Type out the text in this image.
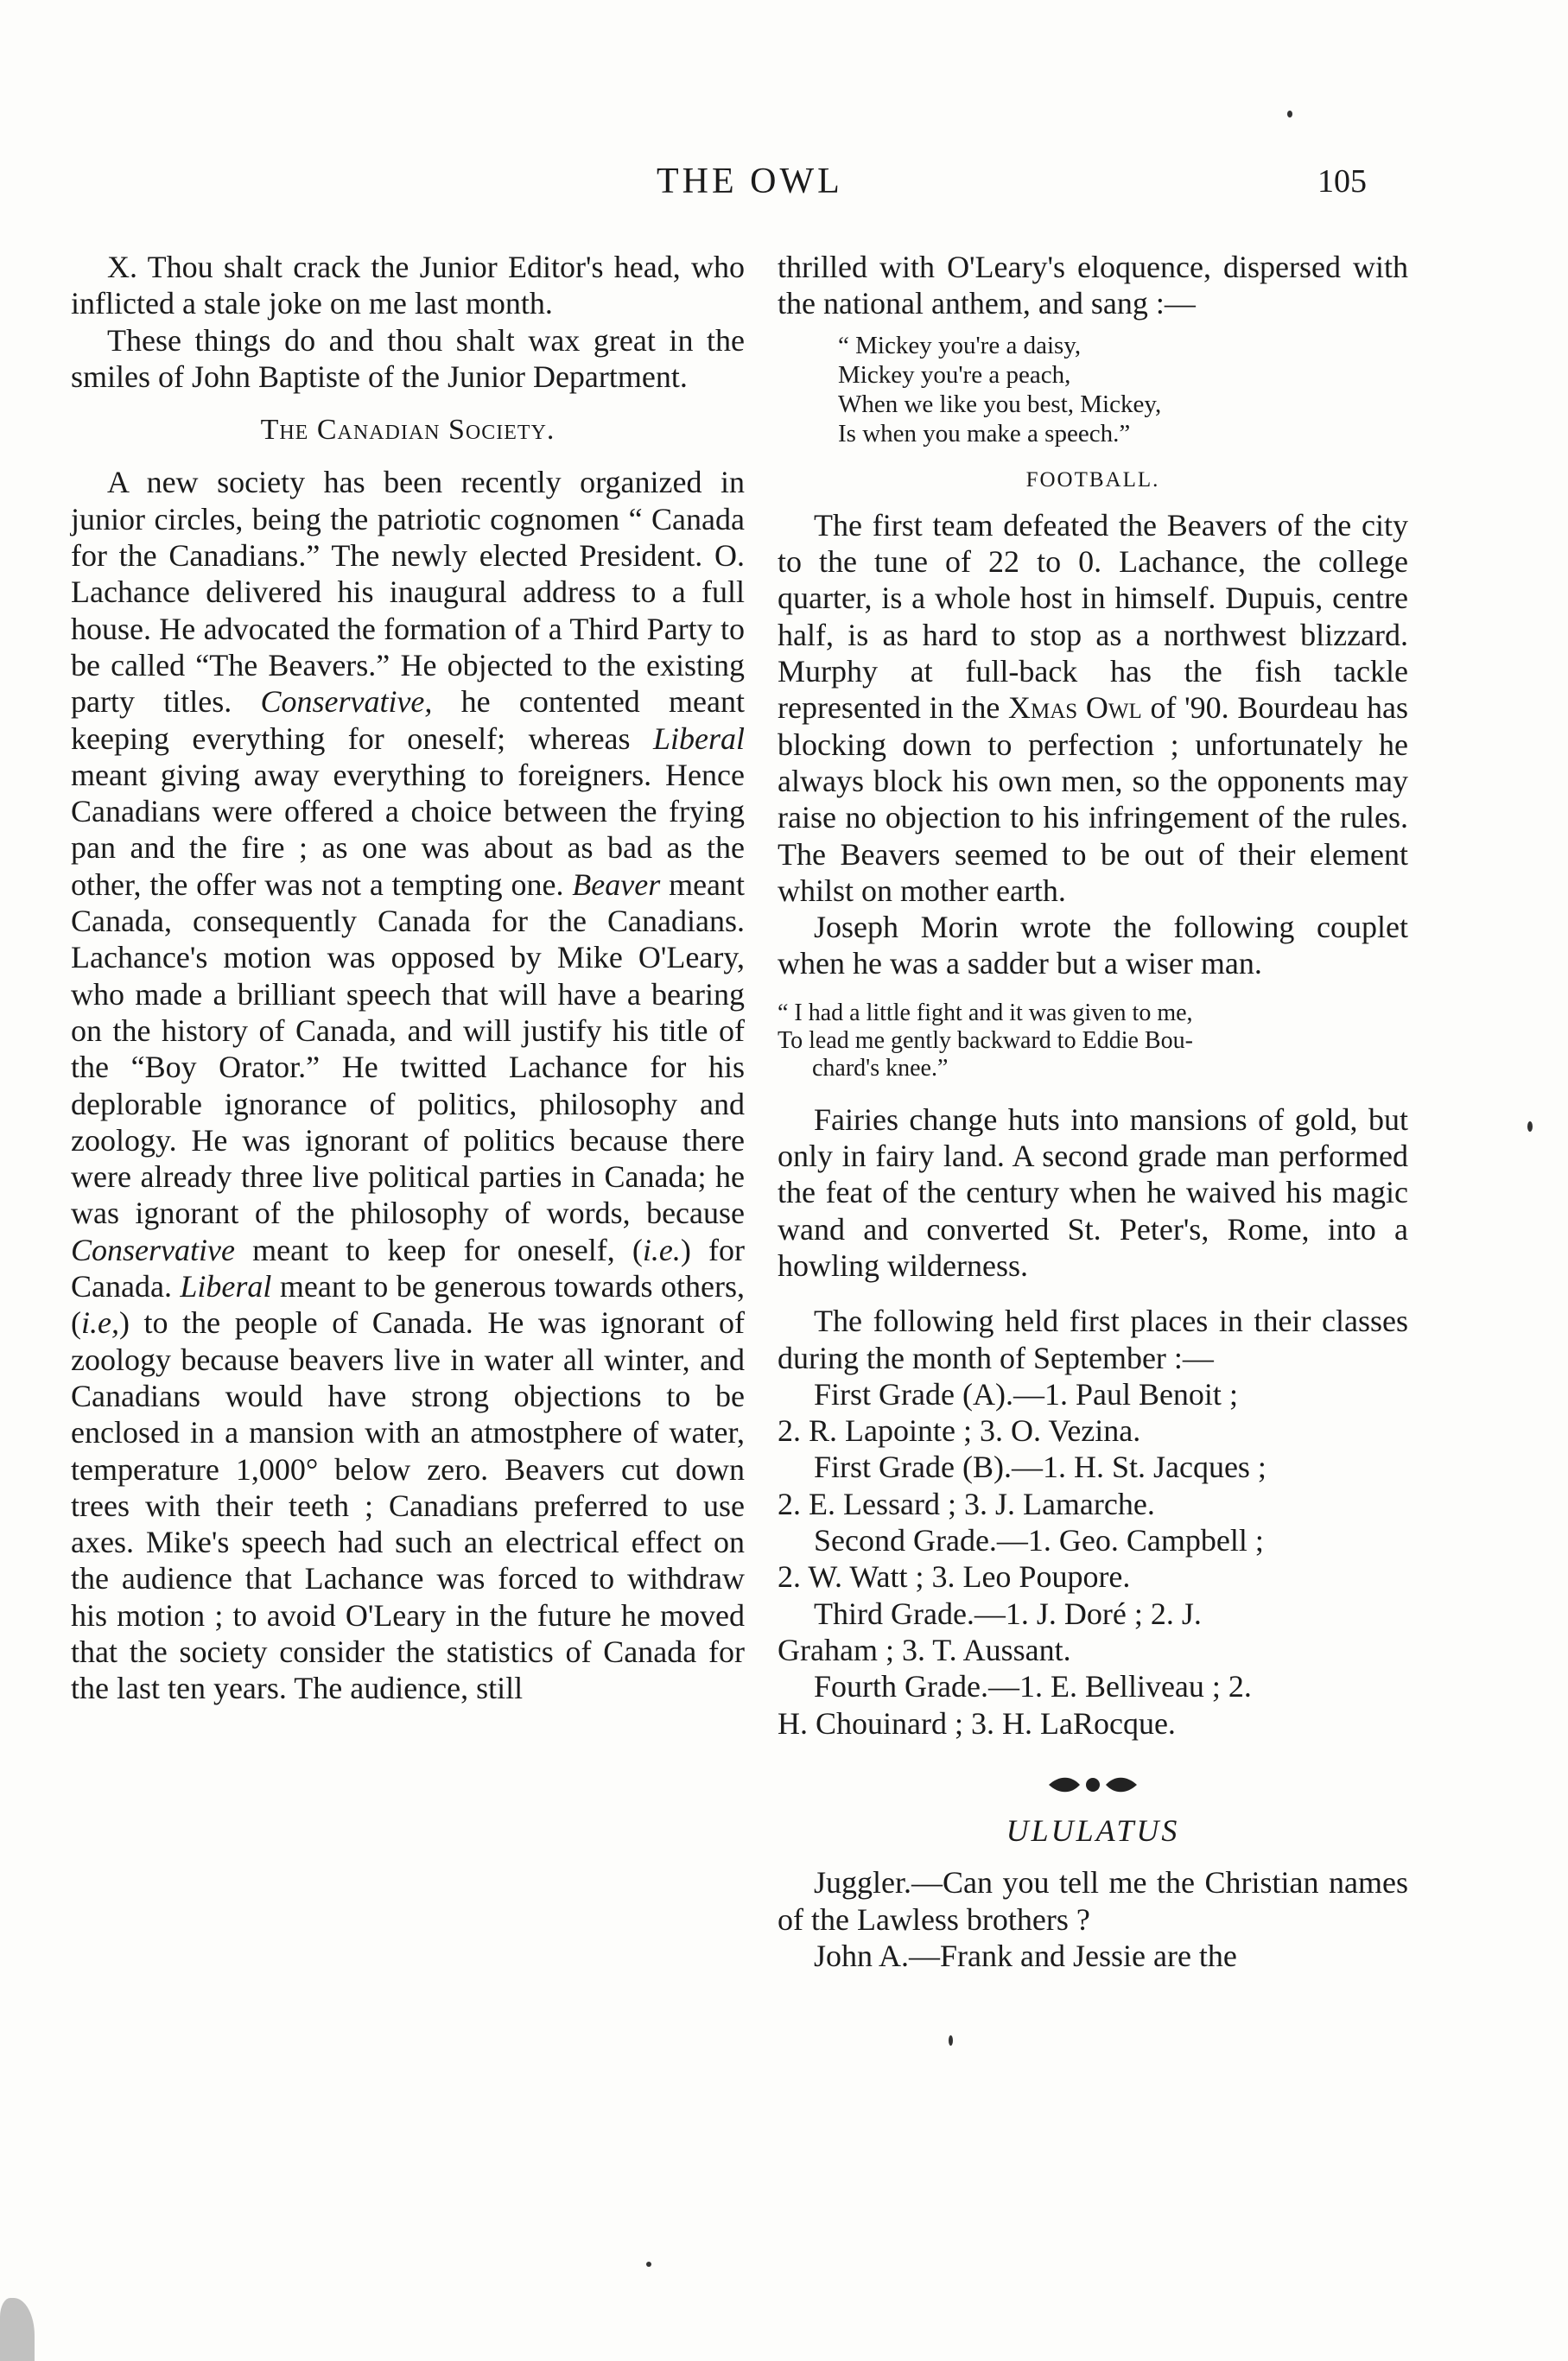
THE OWL	105

X. Thou shalt crack the Junior Editor's head, who inflicted a stale joke on me last month.

These things do and thou shalt wax great in the smiles of John Baptiste of the Junior Department.

The Canadian Society.

A new society has been recently organized in junior circles, being the patriotic cognomen “ Canada for the Canadians.” The newly elected President. O. Lachance delivered his inaugural address to a full house. He advocated the formation of a Third Party to be called “The Beavers.” He objected to the existing party titles. Conservative, he contented meant keeping everything for oneself; whereas Liberal meant giving away everything to foreigners. Hence Canadians were offered a choice between the frying pan and the fire ; as one was about as bad as the other, the offer was not a tempting one. Beaver meant Canada, consequently Canada for the Canadians. Lachance's motion was opposed by Mike O'Leary, who made a brilliant speech that will have a bearing on the history of Canada, and will justify his title of the “Boy Orator.” He twitted Lachance for his deplorable ignorance of politics, philosophy and zoology. He was ignorant of politics because there were already three live political parties in Canada; he was ignorant of the philosophy of words, because Conservative meant to keep for oneself, (i.e.) for Canada. Liberal meant to be generous towards others, (i.e,) to the people of Canada. He was ignorant of zoology because beavers live in water all winter, and Canadians would have strong objections to be enclosed in a mansion with an atmostphere of water, temperature 1,000° below zero. Beavers cut down trees with their teeth ; Canadians preferred to use axes. Mike's speech had such an electrical effect on the audience that Lachance was forced to withdraw his motion ; to avoid O'Leary in the future he moved that the society consider the statistics of Canada for the last ten years. The audience, still

thrilled with O'Leary's eloquence, dispersed with the national anthem, and sang :—

“ Mickey you're a daisy,
Mickey you're a peach,
When we like you best, Mickey,
Is when you make a speech.”

FOOTBALL.

The first team defeated the Beavers of the city to the tune of 22 to 0. Lachance, the college quarter, is a whole host in himself. Dupuis, centre half, is as hard to stop as a northwest blizzard. Murphy at full-back has the fish tackle represented in the Xmas Owl of '90. Bourdeau has blocking down to perfection ; unfortunately he always block his own men, so the opponents may raise no objection to his infringement of the rules. The Beavers seemed to be out of their element whilst on mother earth.

Joseph Morin wrote the following couplet when he was a sadder but a wiser man.

“ I had a little fight and it was given to me,
To lead me gently backward to Eddie Bou-
chard's knee.”

Fairies change huts into mansions of gold, but only in fairy land. A second grade man performed the feat of the century when he waived his magic wand and converted St. Peter's, Rome, into a howling wilderness.

The following held first places in their classes during the month of September :—

First Grade (A).—1. Paul Benoit ;
2. R. Lapointe ; 3. O. Vezina.

First Grade (B).—1. H. St. Jacques ;
2. E. Lessard ; 3. J. Lamarche.

Second Grade.—1. Geo. Campbell ;
2. W. Watt ; 3. Leo Poupore.

Third Grade.—1. J. Doré ; 2. J.
Graham ; 3. T. Aussant.

Fourth Grade.—1. E. Belliveau ; 2.
H. Chouinard ; 3. H. LaRocque.

ULULATUS

Juggler.—Can you tell me the Christian names of the Lawless brothers ?

John A.—Frank and Jessie are the
